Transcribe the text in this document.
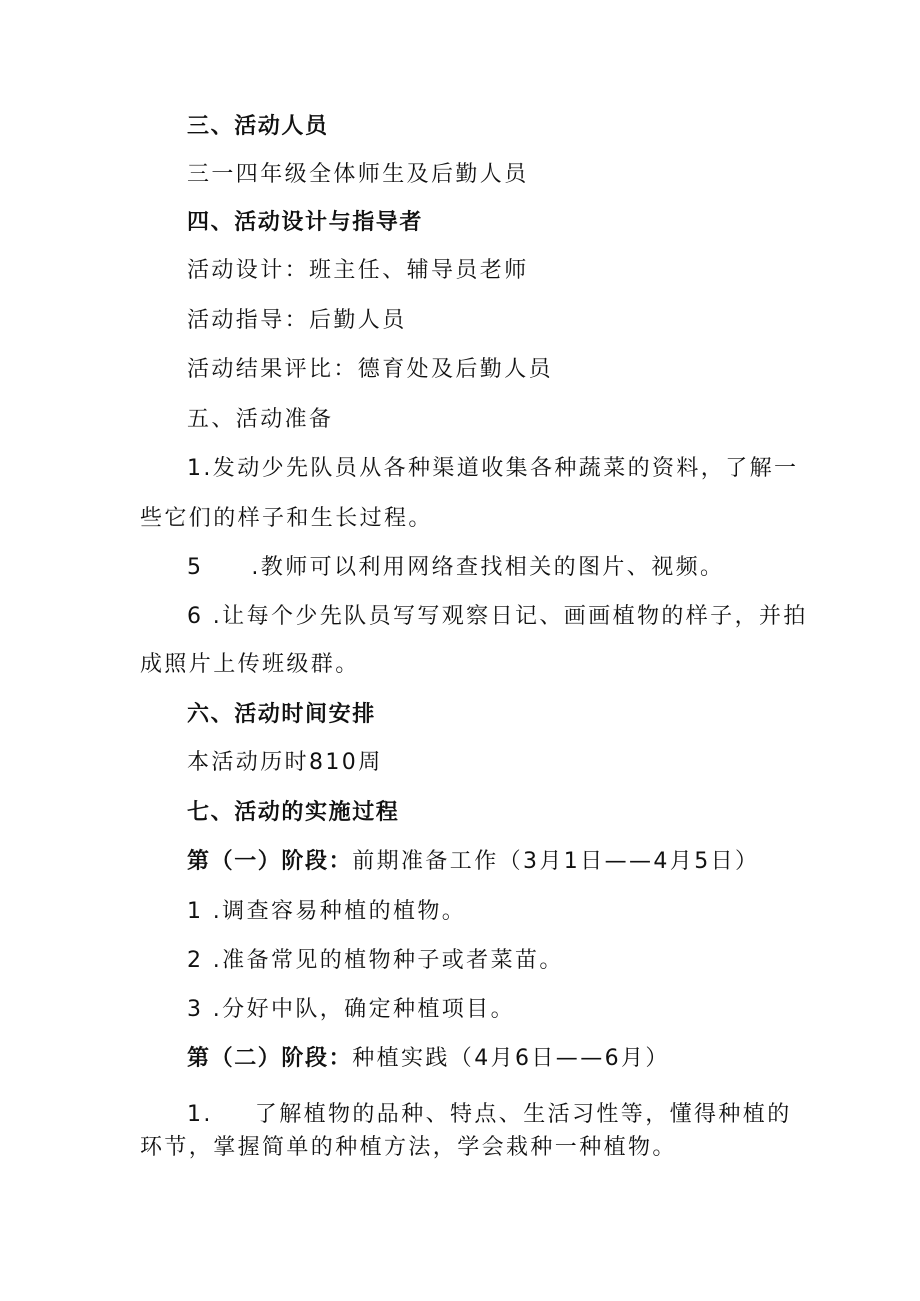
三、活动人员
三一四年级全体师生及后勤人员
四、活动设计与指导者
活动设计：班主任、辅导员老师
活动指导：后勤人员
活动结果评比：德育处及后勤人员
五、活动准备
1.发动少先队员从各种渠道收集各种蔬菜的资料，了解一
些它们的样子和生长过程。
5 .教师可以利用网络查找相关的图片、视频。
6 .让每个少先队员写写观察日记、画画植物的样子，并拍
成照片上传班级群。
六、活动时间安排
本活动历时810周
七、活动的实施过程
第（一）阶段：前期准备工作（3月1日——4月5日）
1 .调查容易种植的植物。
2 .准备常见的植物种子或者菜苗。
3 .分好中队，确定种植项目。
第（二）阶段：种植实践（4月6日——6月）
1. 了解植物的品种、特点、生活习性等，懂得种植的
环节，掌握简单的种植方法，学会栽种一种植物。
